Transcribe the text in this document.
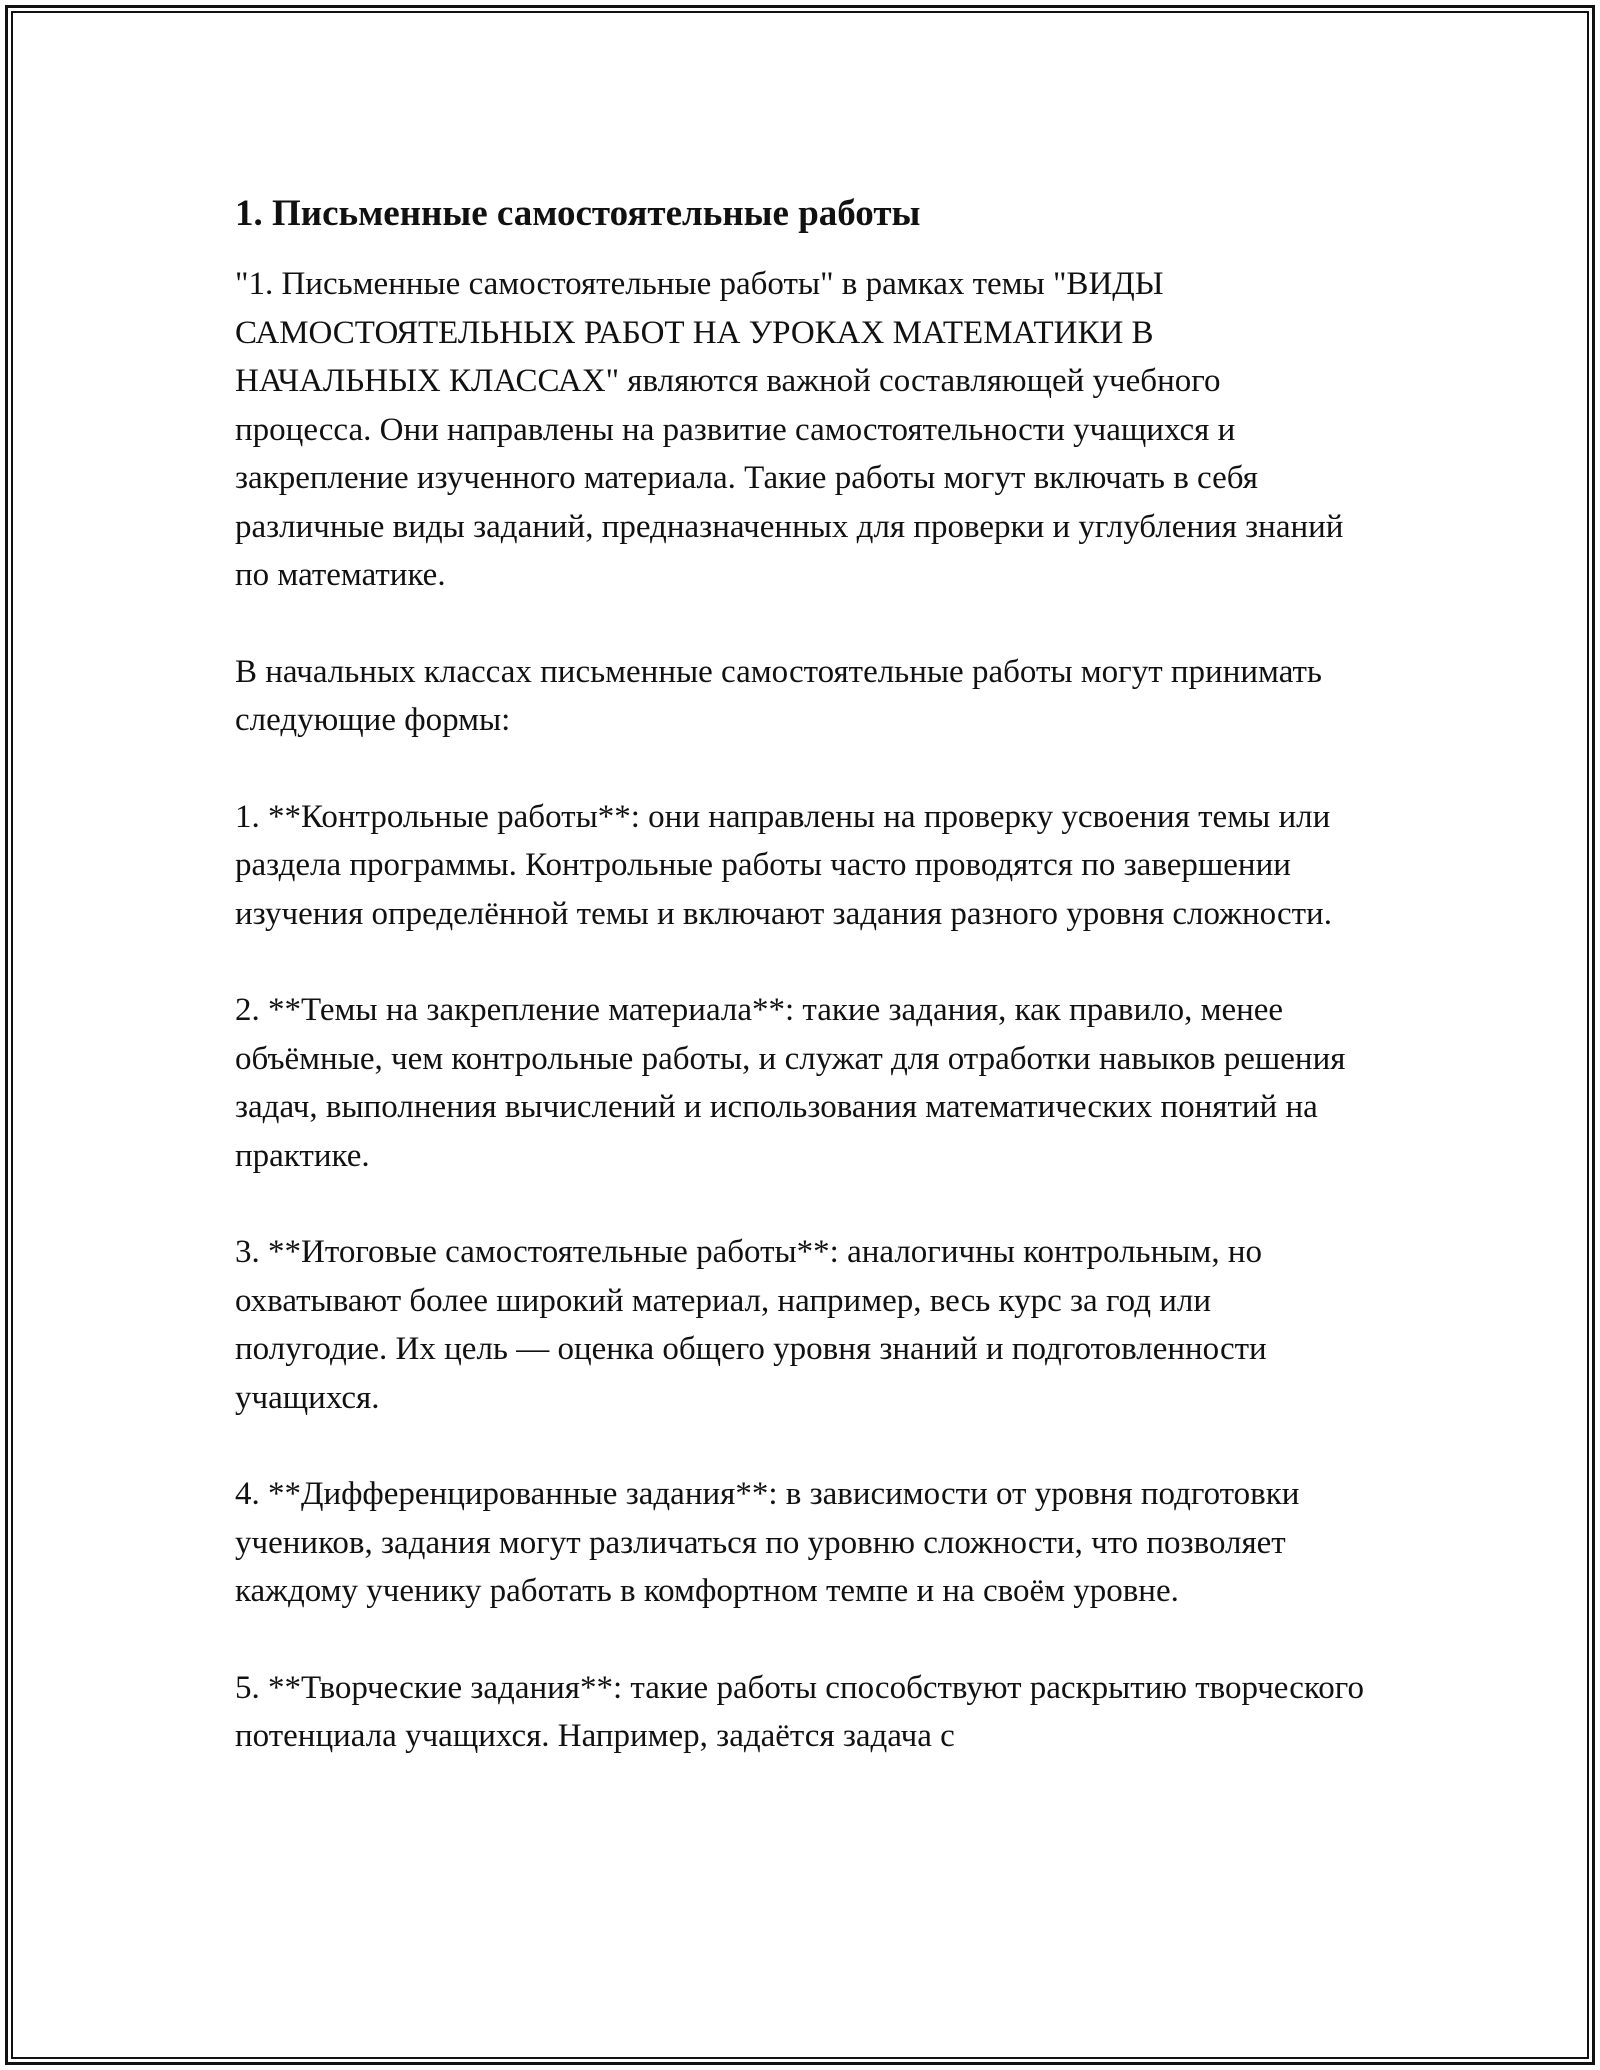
1. Письменные самостоятельные работы

"1. Письменные самостоятельные работы" в рамках темы "ВИДЫ САМОСТОЯТЕЛЬНЫХ РАБОТ НА УРОКАХ МАТЕМАТИКИ В НАЧАЛЬНЫХ КЛАССАХ" являются важной составляющей учебного процесса. Они направлены на развитие самостоятельности учащихся и закрепление изученного материала. Такие работы могут включать в себя различные виды заданий, предназначенных для проверки и углубления знаний по математике.

В начальных классах письменные самостоятельные работы могут принимать следующие формы:

1. **Контрольные работы**: они направлены на проверку усвоения темы или раздела программы. Контрольные работы часто проводятся по завершении изучения определённой темы и включают задания разного уровня сложности.

2. **Темы на закрепление материала**: такие задания, как правило, менее объёмные, чем контрольные работы, и служат для отработки навыков решения задач, выполнения вычислений и использования математических понятий на практике.

3. **Итоговые самостоятельные работы**: аналогичны контрольным, но охватывают более широкий материал, например, весь курс за год или полугодие. Их цель — оценка общего уровня знаний и подготовленности учащихся.

4. **Дифференцированные задания**: в зависимости от уровня подготовки учеников, задания могут различаться по уровню сложности, что позволяет каждому ученику работать в комфортном темпе и на своём уровне.

5. **Творческие задания**: такие работы способствуют раскрытию творческого потенциала учащихся. Например, задаётся задача с
